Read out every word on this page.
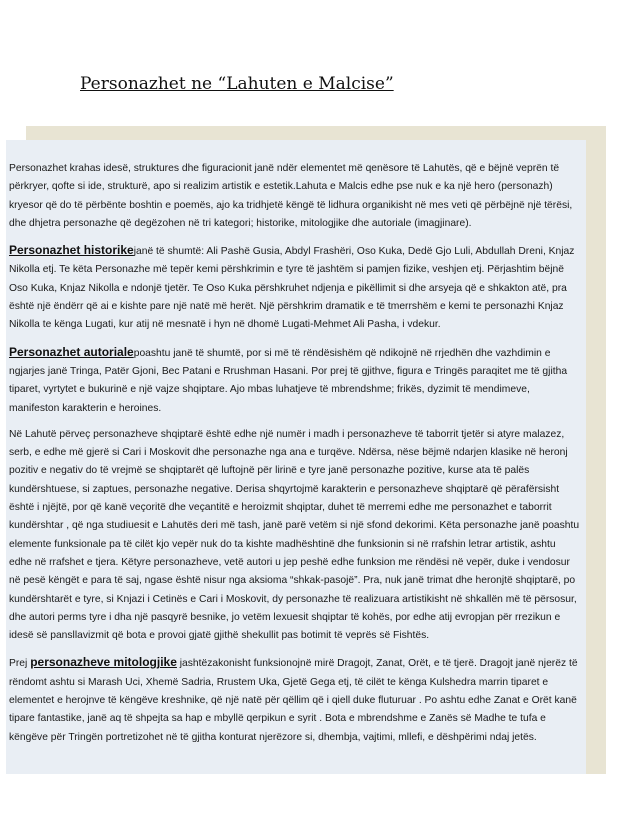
Personazhet ne “Lahuten e Malcise”

Personazhet krahas idesë, struktures dhe figuracionit janë ndër elementet më qenësore të Lahutës, që e bëjnë veprën të përkryer, qofte si ide, strukturë, apo si realizim artistik e estetik.Lahuta e Malcis edhe pse nuk e ka një hero (personazh) kryesor që do të përbënte boshtin e poemës, ajo ka tridhjetë këngë të lidhura organikisht në mes veti që përbëjnë një tërësi, dhe dhjetra personazhe që degëzohen në tri kategori; historike, mitologjike dhe autoriale (imagjinare).

Personazhet historikejanë të shumtë: Ali Pashë Gusia, Abdyl Frashëri, Oso Kuka, Dedë Gjo Luli, Abdullah Dreni, Knjaz Nikolla etj. Te këta Personazhe më tepër kemi përshkrimin e tyre të jashtëm si pamjen fizike, veshjen etj. Përjashtim bëjnë Oso Kuka, Knjaz Nikolla e ndonjë tjetër. Te Oso Kuka përshkruhet ndjenja e pikëllimit si dhe arsyeja që e shkakton atë, pra është një ëndërr që ai e kishte pare një natë më herët. Një përshkrim dramatik e të tmerrshëm e kemi te personazhi Knjaz Nikolla te kënga Lugati, kur atij në mesnatë i hyn në dhomë Lugati-Mehmet Ali Pasha, i vdekur.

Personazhet autorialepoashtu janë të shumtë, por si më të rëndësishëm që ndikojnë në rrjedhën dhe vazhdimin e ngjarjes janë Tringa, Patër Gjoni, Bec Patani e Rrushman Hasani. Por prej të gjithve, figura e Tringës paraqitet me të gjitha tiparet, vyrtytet e bukurinë e një vajze shqiptare. Ajo mbas luhatjeve të mbrendshme; frikës, dyzimit të mendimeve, manifeston karakterin e heroines.

Në Lahutë përveç personazheve shqiptarë është edhe një numër i madh i personazheve të taborrit tjetër si atyre malazez, serb, e edhe më gjerë si Cari i Moskovit dhe personazhe nga ana e turqëve. Ndërsa, nëse bëjmë ndarjen klasike në heronj pozitiv e negativ do të vrejmë se shqiptarët që luftojnë për lirinë e tyre janë personazhe pozitive, kurse ata të palës kundërshtuese, si zaptues, personazhe negative. Derisa shqyrtojmë karakterin e personazheve shqiptarë që përafërsisht është i njëjtë, por që kanë veçoritë dhe veçantitë e heroizmit shqiptar, duhet të merremi edhe me personazhet e taborrit kundërshtar , që nga studiuesit e Lahutës deri më tash, janë parë vetëm si një sfond dekorimi. Këta personazhe janë poashtu elemente funksionale pa të cilët kjo vepër nuk do ta kishte madhështinë dhe funksionin si në rrafshin letrar artistik, ashtu edhe në rrafshet e tjera. Këtyre personazheve, vetë autori u jep peshë edhe funksion me rëndësi në vepër, duke i vendosur në pesë këngët e para të saj, ngase është nisur nga aksioma “shkak-pasojë”. Pra, nuk janë trimat dhe heronjtë shqiptarë, po kundërshtarët e tyre, si Knjazi i Cetinës e Cari i Moskovit, dy personazhe të realizuara artistikisht në shkallën më të përsosur, dhe autori perms tyre i dha një pasqyrë besnike, jo vetëm lexuesit shqiptar të kohës, por edhe atij evropjan për rrezikun e idesë së pansllavizmit që bota e provoi gjatë gjithë shekullit pas botimit të veprës së Fishtës.

Prej personazheve mitologjike jashtëzakonisht funksionojnë mirë Dragojt, Zanat, Orët, e të tjerë. Dragojt janë njerëz të rëndomt ashtu si Marash Uci, Xhemë Sadria, Rrustem Uka, Gjetë Gega etj, të cilët te kënga Kulshedra marrin tiparet e elementet e herojnve të këngëve kreshnike, që një natë për qëllim që i qiell duke fluturuar . Po ashtu edhe Zanat e Orët kanë tipare fantastike, janë aq të shpejta sa hap e mbyllë qerpikun e syrit . Bota e mbrendshme e Zanës së Madhe te tufa e këngëve për Tringën portretizohet në të gjitha konturat njerëzore si, dhembja, vajtimi, mllefi, e dëshpërimi ndaj jetës.
